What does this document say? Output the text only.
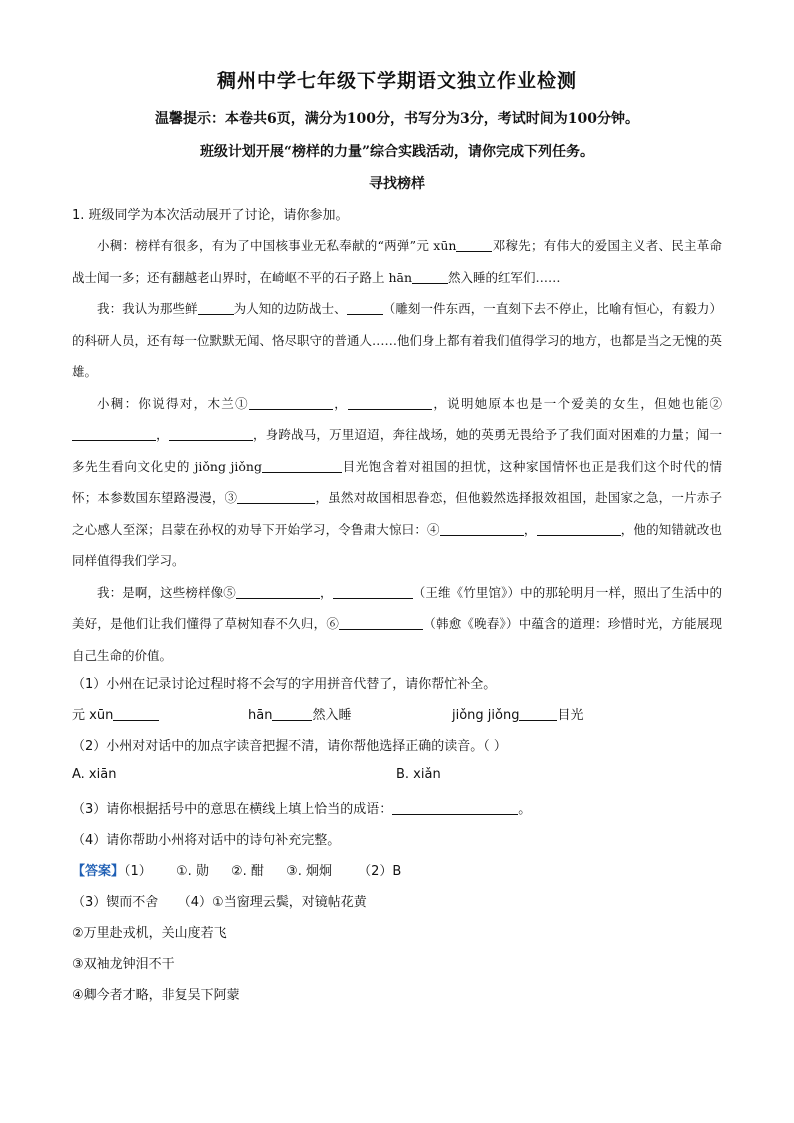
稠州中学七年级下学期语文独立作业检测
温馨提示：本卷共6页，满分为100分，书写分为3分，考试时间为100分钟。
班级计划开展“榜样的力量”综合实践活动，请你完成下列任务。
寻找榜样
1. 班级同学为本次活动展开了讨论，请你参加。

小稠：榜样有很多，有为了中国核事业无私奉献的“两弹”元 xūn	邓稼先；有伟大的爱国主义者、民主革命战士闻一多；还有翻越老山界时，在崎岖不平的石子路上 hān	然入睡的红军们……

我：我认为那些鲜	为人知的边防战士、	（雕刻一件东西，一直刻下去不停止，比喻有恒心，有毅力）的科研人员，还有每一位默默无闻、恪尽职守的普通人……他们身上都有着我们值得学习的地方，也都是当之无愧的英雄。

小稠：你说得对，木兰①	，	，说明她原本也是一个爱美的女生，但她也能②，	，身跨战马，万里迢迢，奔往战场，她的英勇无畏给予了我们面对困难的力量；闻一多先生看向文化史的 jiǒng jiǒng	目光饱含着对祖国的担忧，这种家国情怀也正是我们这个时代的情怀；本参数国东望路漫漫，③	，虽然对故国相思眷恋，但他毅然选择报效祖国，赴国家之急，一片赤子之心感人至深；吕蒙在孙权的劝导下开始学习，令鲁肃大惊曰：④	，	，他的知错就改也同样值得我们学习。

我：是啊，这些榜样像⑤	，	（王维《竹里馆》）中的那轮明月一样，照出了生活中的美好，是他们让我们懂得了草树知春不久归，⑥	（韩愈《晚春》）中蕴含的道理：珍惜时光，方能展现自己生命的价值。

（1）小州在记录讨论过程时将不会写的字用拼音代替了，请你帮忙补全。
元 xūn	hān	然入睡	jiǒng jiǒng	目光
（2）小州对对话中的加点字读音把握不清，请你帮他选择正确的读音。（ ）
A. xiān	B. xiǎn
（3）请你根据括号中的意思在横线上填上恰当的成语：	。
（4）请你帮助小州将对话中的诗句补充完整。
【答案】（1） ①. 勋 ②. 酣 ③. 炯炯 （2）B
（3）锲而不舍　　（4）①当窗理云鬓，对镜帖花黄
②万里赴戎机，关山度若飞
③双袖龙钟泪不干
④卿今者才略，非复吴下阿蒙
